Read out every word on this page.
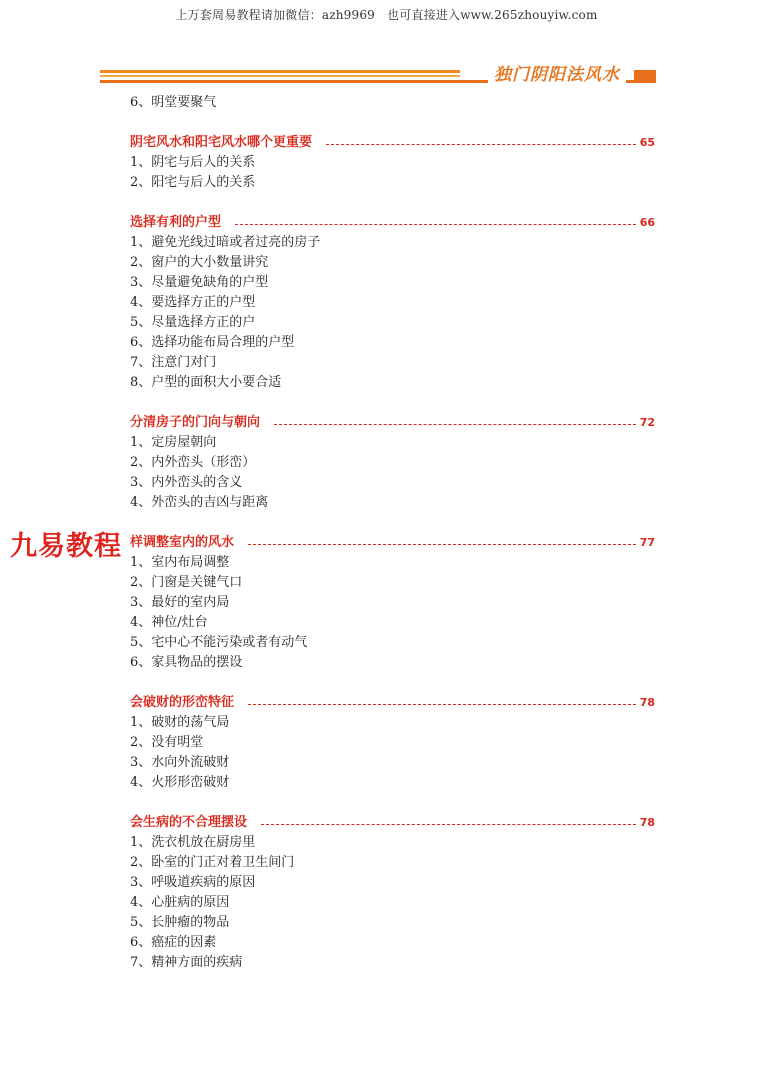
上万套周易教程请加微信：azh9969 也可直接进入www.265zhouyiw.com
独门阴阳法风水
6、明堂要聚气
阴宅风水和阳宅风水哪个更重要	65
1、阴宅与后人的关系
2、阳宅与后人的关系
选择有利的户型	66
1、避免光线过暗或者过亮的房子
2、窗户的大小数量讲究
3、尽量避免缺角的户型
4、要选择方正的户型
5、尽量选择方正的户
6、选择功能布局合理的户型
7、注意门对门
8、户型的面积大小要合适
分清房子的门向与朝向	72
1、定房屋朝向
2、内外峦头（形峦）
3、内外峦头的含义
4、外峦头的吉凶与距离
样调整室内的风水	77
1、室内布局调整
2、门窗是关键气口
3、最好的室内局
4、神位/灶台
5、宅中心不能污染或者有动气
6、家具物品的摆设
会破财的形峦特征	78
1、破财的荡气局
2、没有明堂
3、水向外流破财
4、火形形峦破财
会生病的不合理摆设	78
1、洗衣机放在厨房里
2、卧室的门正对着卫生间门
3、呼吸道疾病的原因
4、心脏病的原因
5、长肿瘤的物品
6、癌症的因素
7、精神方面的疾病
九易教程
